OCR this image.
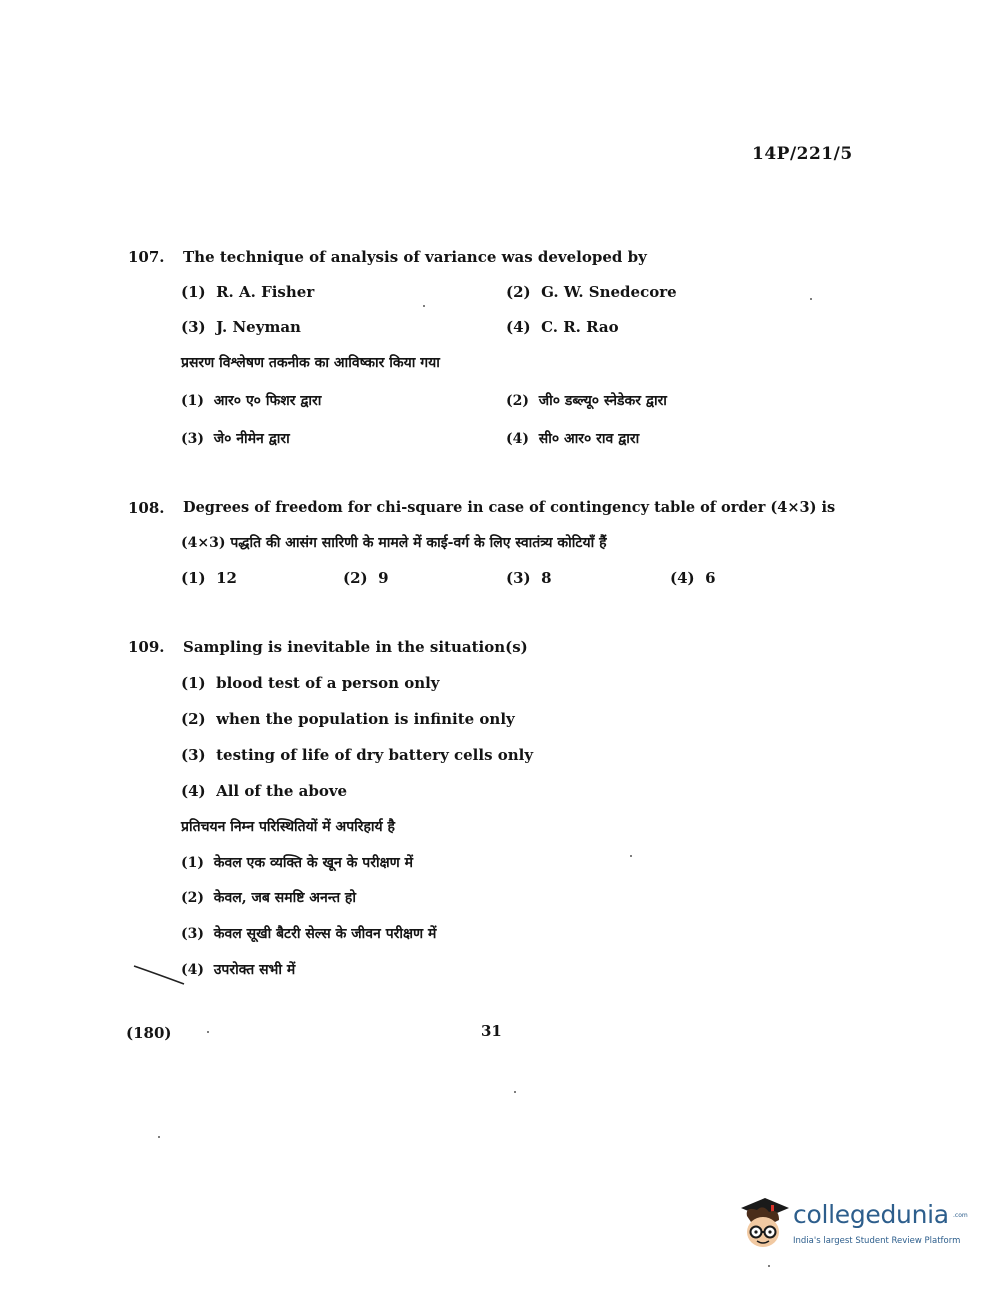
14P/221/5
107. The technique of analysis of variance was developed by
(1) R. A. Fisher	(2) G. W. Snedecore
(3) J. Neyman	(4) C. R. Rao
प्रसरण विश्लेषण तकनीक का आविष्कार किया गया
(1) आर० ए० फिशर द्वारा	(2) जी० डब्ल्यू० स्नेडेकर द्वारा
(3) जे० नीमेन द्वारा	(4) सी० आर० राव द्वारा
108. Degrees of freedom for chi-square in case of contingency table of order (4×3) is
(4×3) पद्धति की आसंग सारिणी के मामले में काई-वर्ग के लिए स्वातंत्र्य कोटियाँ हैं
(1) 12	(2) 9	(3) 8	(4) 6
109. Sampling is inevitable in the situation(s)
(1) blood test of a person only
(2) when the population is infinite only
(3) testing of life of dry battery cells only
(4) All of the above
प्रतिचयन निम्न परिस्थितियों में अपरिहार्य है
(1) केवल एक व्यक्ति के खून के परीक्षण में
(2) केवल, जब समष्टि अनन्त हो
(3) केवल सूखी बैटरी सेल्स के जीवन परीक्षण में
(4) उपरोक्त सभी में
(180)	31
collegedunia .com
India's largest Student Review Platform
